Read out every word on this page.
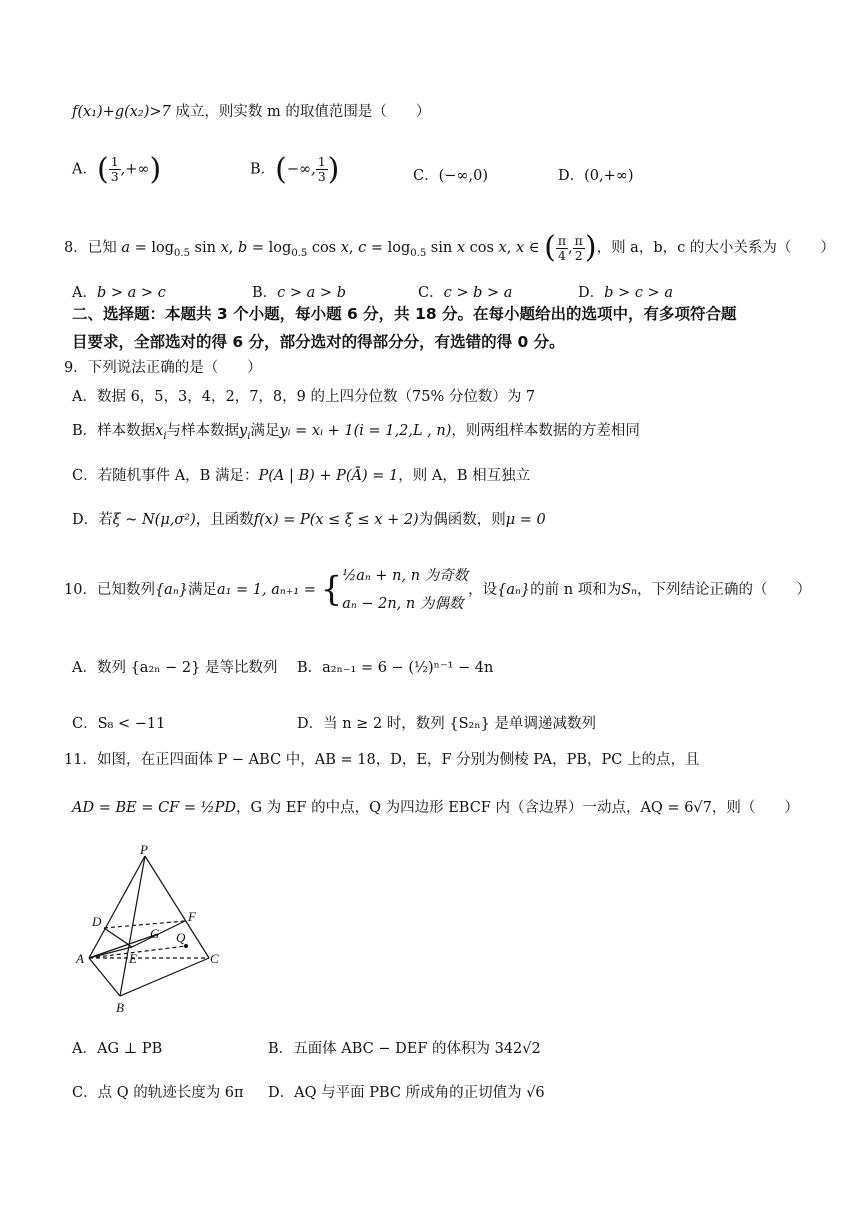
f(x₁)+g(x₂)>7 成立，则实数 m 的取值范围是（　　）
A．( $\frac{1}{3}$ ,+∞)	B．(−∞, $\frac{1}{3}$ )	C．(−∞,0)	D．(0,+∞)
8．已知 $a = \log_{0.5} \sin x$, $b = \log_{0.5} \cos x$, $c = \log_{0.5} \sin x$ cos x, x ∈ ( $\frac{\pi}{4}$ , $\frac{\pi}{2}$ )，则 a，b，c 的大小关系为（　　）
A．b > a > c	B．c > a > b	C．c > b > a	D．b > c > a
二、选择题：本题共 3 个小题，每小题 6 分，共 18 分。在每小题给出的选项中，有多项符合题
目要求，全部选对的得 6 分，部分选对的得部分分，有选错的得 0 分。
9．下列说法正确的是（　　）
A．数据 6，5，3，4，2，7，8，9 的上四分位数（75% 分位数）为 7
B．样本数据$x_i$与样本数据$y_i$满足yᵢ = xᵢ + 1(i = 1,2,L , n)，则两组样本数据的方差相同
C．若随机事件 A，B 满足：P(A | B) + P(Ā) = 1，则 A，B 相互独立
D．若ξ ~ N(μ,σ²)，且函数f(x) = P(x ≤ ξ ≤ x + 2)为偶函数，则μ = 0
10．已知数列{aₙ}满足a₁ = 1, aₙ₊₁ = { ½aₙ + n, n 为奇数
aₙ − 2n, n 为偶数
，设{aₙ}的前 n 项和为Sₙ，下列结论正确的（　　）
A．数列 {a₂ₙ − 2} 是等比数列 B．a₂ₙ₋₁ = 6 − (½)ⁿ⁻¹ − 4n
C．S₈ < −11	D．当 n ≥ 2 时，数列 {S₂ₙ} 是单调递减数列
11．如图，在正四面体 P − ABC 中，AB = 18，D，E，F 分别为侧棱 PA，PB，PC 上的点，且
AD = BE = CF = ½PD，G 为 EF 的中点，Q 为四边形 EBCF 内（含边界）一动点，AQ = 6√7，则（　　）
P
D	F
G Q
A	E	C
B
A．AG ⊥ PB	B．五面体 ABC − DEF 的体积为 342√2
C．点 Q 的轨迹长度为 6π D．AQ 与平面 PBC 所成角的正切值为 √6
